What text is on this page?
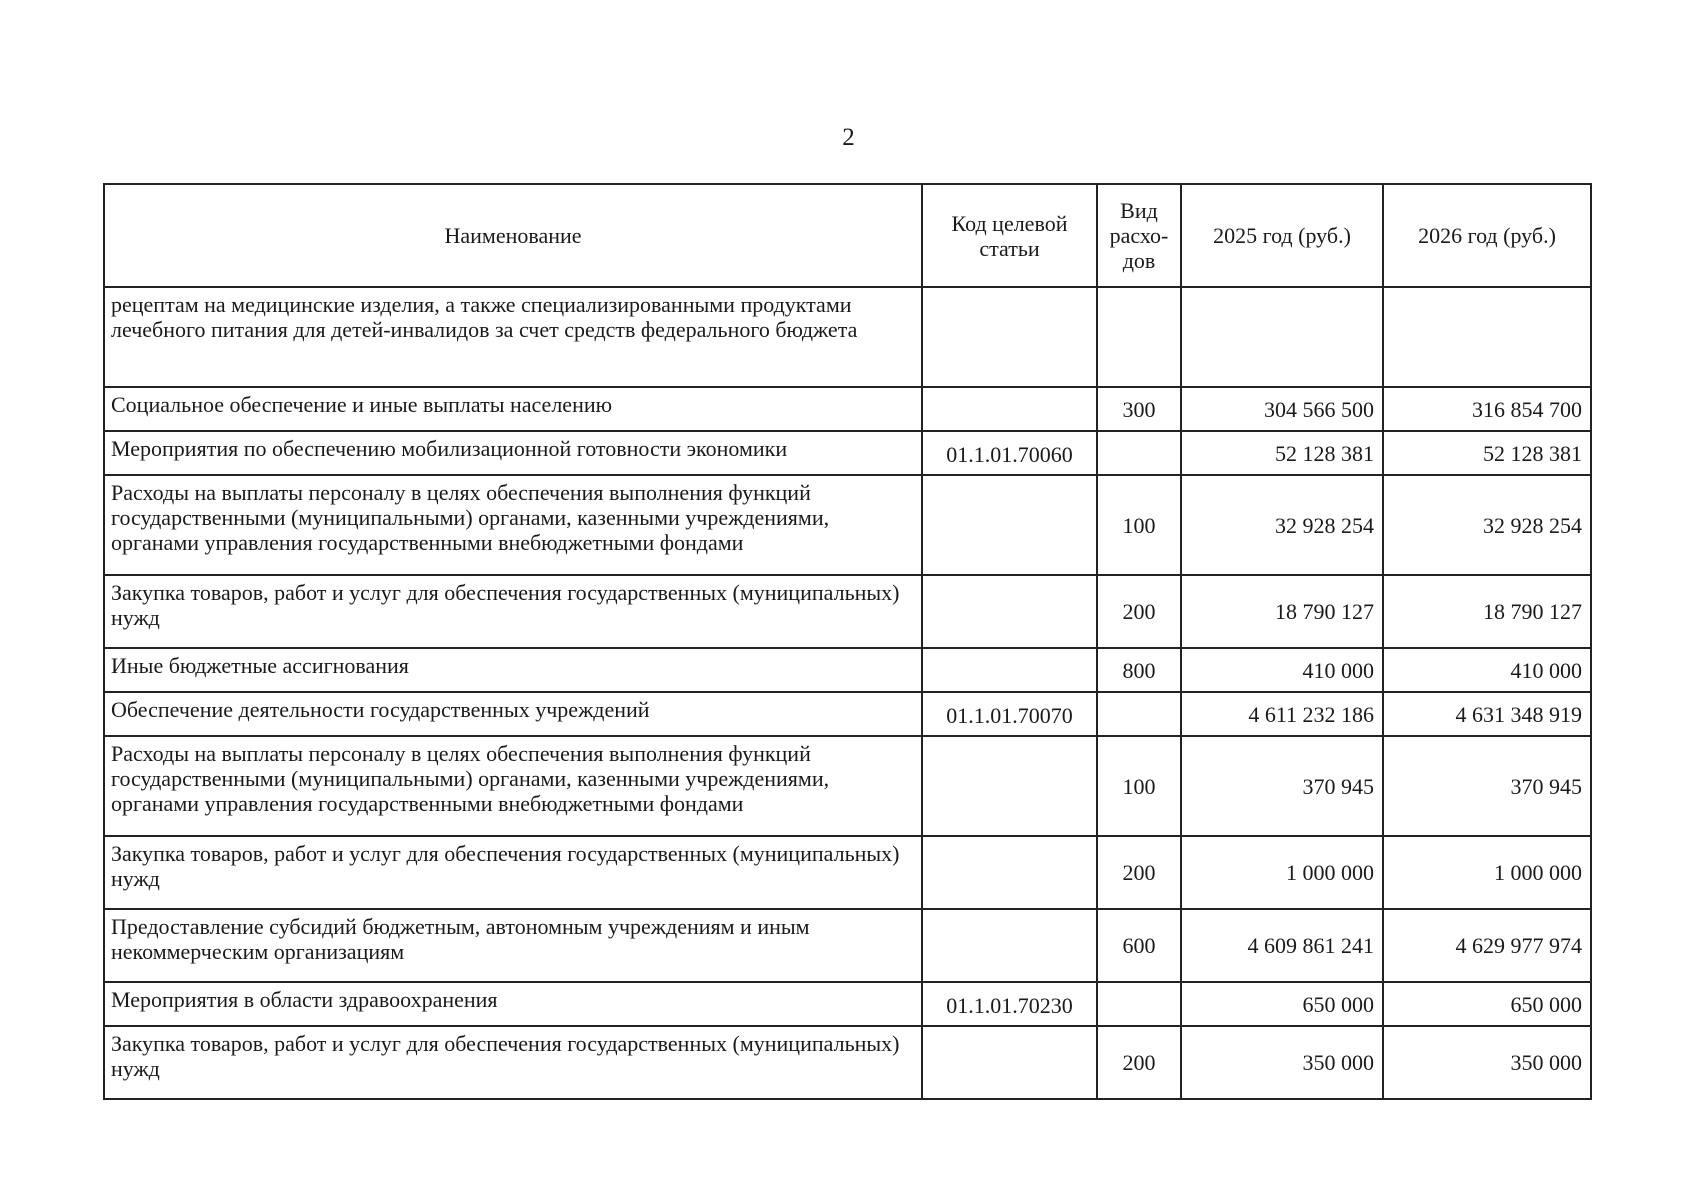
2
Наименование	Код целевой статьи	Вид расхо-дов	2025 год (руб.)	2026 год (руб.)
рецептам на медицинские изделия, а также специализированными продуктами лечебного питания для детей-инвалидов за счет средств федерального бюджета				
Социальное обеспечение и иные выплаты населению		300	304 566 500	316 854 700
Мероприятия по обеспечению мобилизационной готовности экономики	01.1.01.70060		52 128 381	52 128 381
Расходы на выплаты персоналу в целях обеспечения выполнения функций государственными (муниципальными) органами, казенными учреждениями, органами управления государственными внебюджетными фондами		100	32 928 254	32 928 254
Закупка товаров, работ и услуг для обеспечения государственных (муниципальных) нужд		200	18 790 127	18 790 127
Иные бюджетные ассигнования		800	410 000	410 000
Обеспечение деятельности государственных учреждений	01.1.01.70070		4 611 232 186	4 631 348 919
Расходы на выплаты персоналу в целях обеспечения выполнения функций государственными (муниципальными) органами, казенными учреждениями, органами управления государственными внебюджетными фондами		100	370 945	370 945
Закупка товаров, работ и услуг для обеспечения государственных (муниципальных) нужд		200	1 000 000	1 000 000
Предоставление субсидий бюджетным, автономным учреждениям и иным некоммерческим организациям		600	4 609 861 241	4 629 977 974
Мероприятия в области здравоохранения	01.1.01.70230		650 000	650 000
Закупка товаров, работ и услуг для обеспечения государственных (муниципальных) нужд		200	350 000	350 000
